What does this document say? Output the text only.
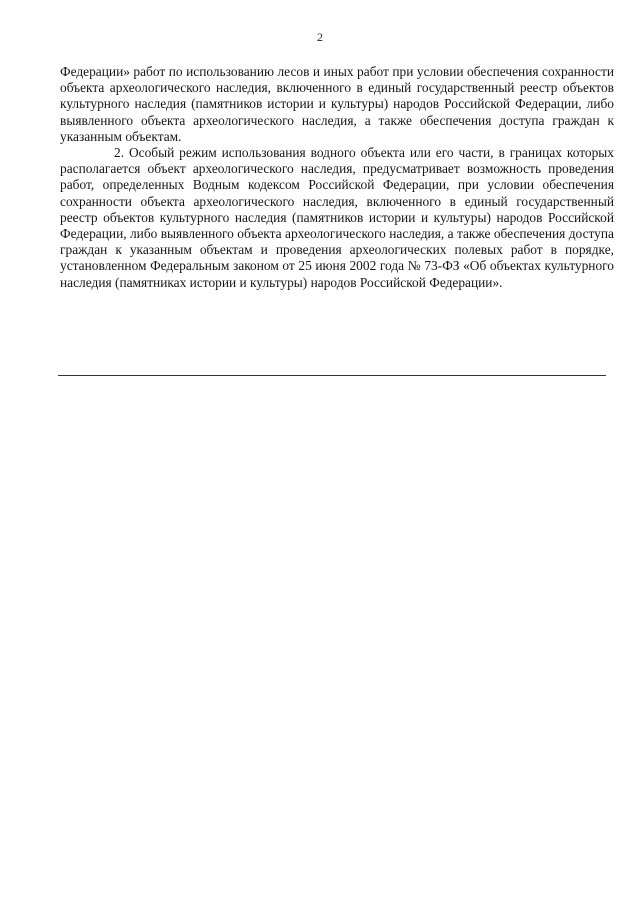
2

Федерации» работ по использованию лесов и иных работ при условии обеспечения сохранности объекта археологического наследия, включенного в единый государственный реестр объектов культурного наследия (памятников истории и культуры) народов Российской Федерации, либо выявленного объекта археологического наследия, а также обеспечения доступа граждан к указанным объектам.

2. Особый режим использования водного объекта или его части, в границах которых располагается объект археологического наследия, предусматривает возможность проведения работ, определенных Водным кодексом Российской Федерации, при условии обеспечения сохранности объекта археологического наследия, включенного в единый государственный реестр объектов культурного наследия (памятников истории и культуры) народов Российской Федерации, либо выявленного объекта археологического наследия, а также обеспечения доступа граждан к указанным объектам и проведения археологических полевых работ в порядке, установленном Федеральным законом от 25 июня 2002 года № 73-ФЗ «Об объектах культурного наследия (памятниках истории и культуры) народов Российской Федерации».
